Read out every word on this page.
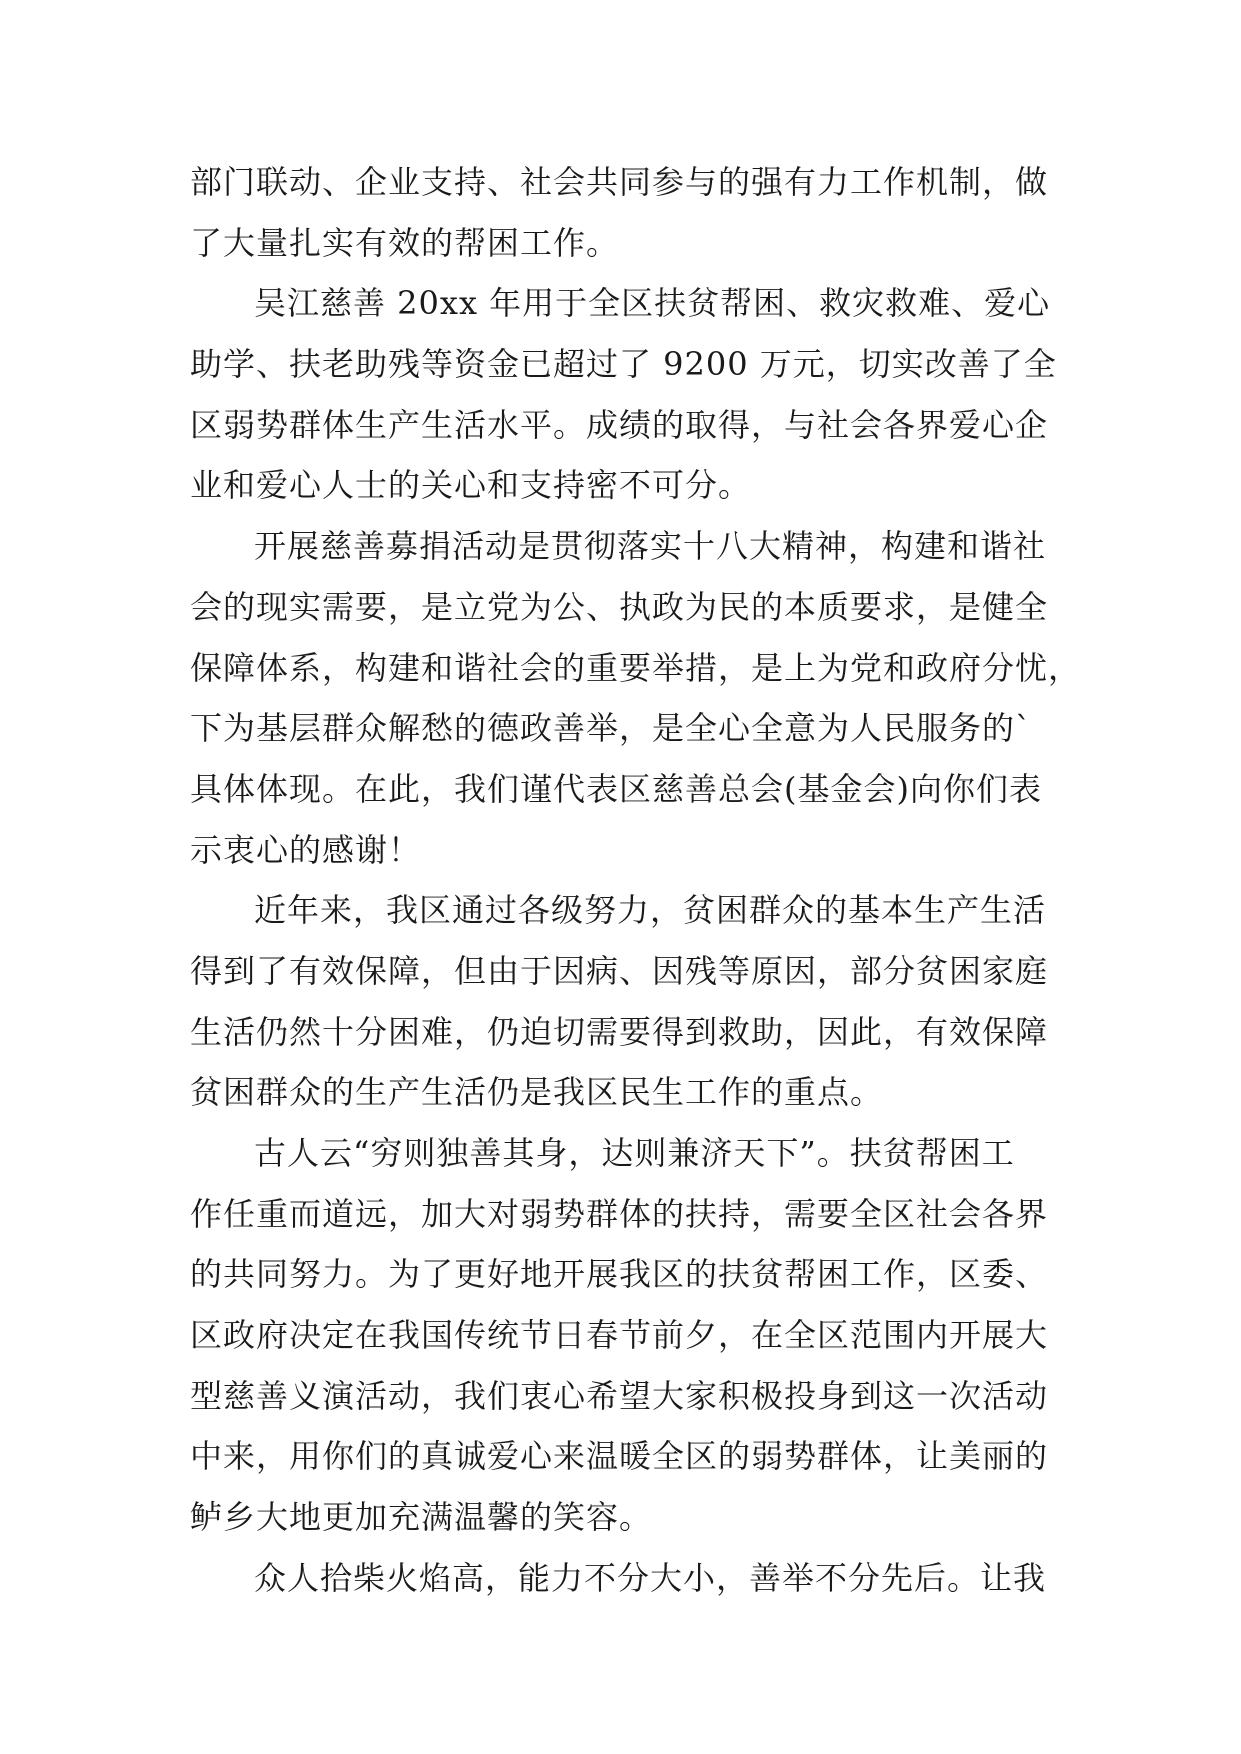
部门联动、企业支持、社会共同参与的强有力工作机制，做
了大量扎实有效的帮困工作。
吴江慈善 20xx 年用于全区扶贫帮困、救灾救难、爱心
助学、扶老助残等资金已超过了 9200 万元，切实改善了全
区弱势群体生产生活水平。成绩的取得，与社会各界爱心企
业和爱心人士的关心和支持密不可分。
开展慈善募捐活动是贯彻落实十八大精神，构建和谐社
会的现实需要，是立党为公、执政为民的本质要求，是健全
保障体系，构建和谐社会的重要举措，是上为党和政府分忧，
下为基层群众解愁的德政善举，是全心全意为人民服务的`
具体体现。在此，我们谨代表区慈善总会(基金会)向你们表
示衷心的感谢！
近年来，我区通过各级努力，贫困群众的基本生产生活
得到了有效保障，但由于因病、因残等原因，部分贫困家庭
生活仍然十分困难，仍迫切需要得到救助，因此，有效保障
贫困群众的生产生活仍是我区民生工作的重点。
古人云“穷则独善其身，达则兼济天下”。扶贫帮困工
作任重而道远，加大对弱势群体的扶持，需要全区社会各界
的共同努力。为了更好地开展我区的扶贫帮困工作，区委、
区政府决定在我国传统节日春节前夕，在全区范围内开展大
型慈善义演活动，我们衷心希望大家积极投身到这一次活动
中来，用你们的真诚爱心来温暖全区的弱势群体，让美丽的
鲈乡大地更加充满温馨的笑容。
众人拾柴火焰高，能力不分大小，善举不分先后。让我
